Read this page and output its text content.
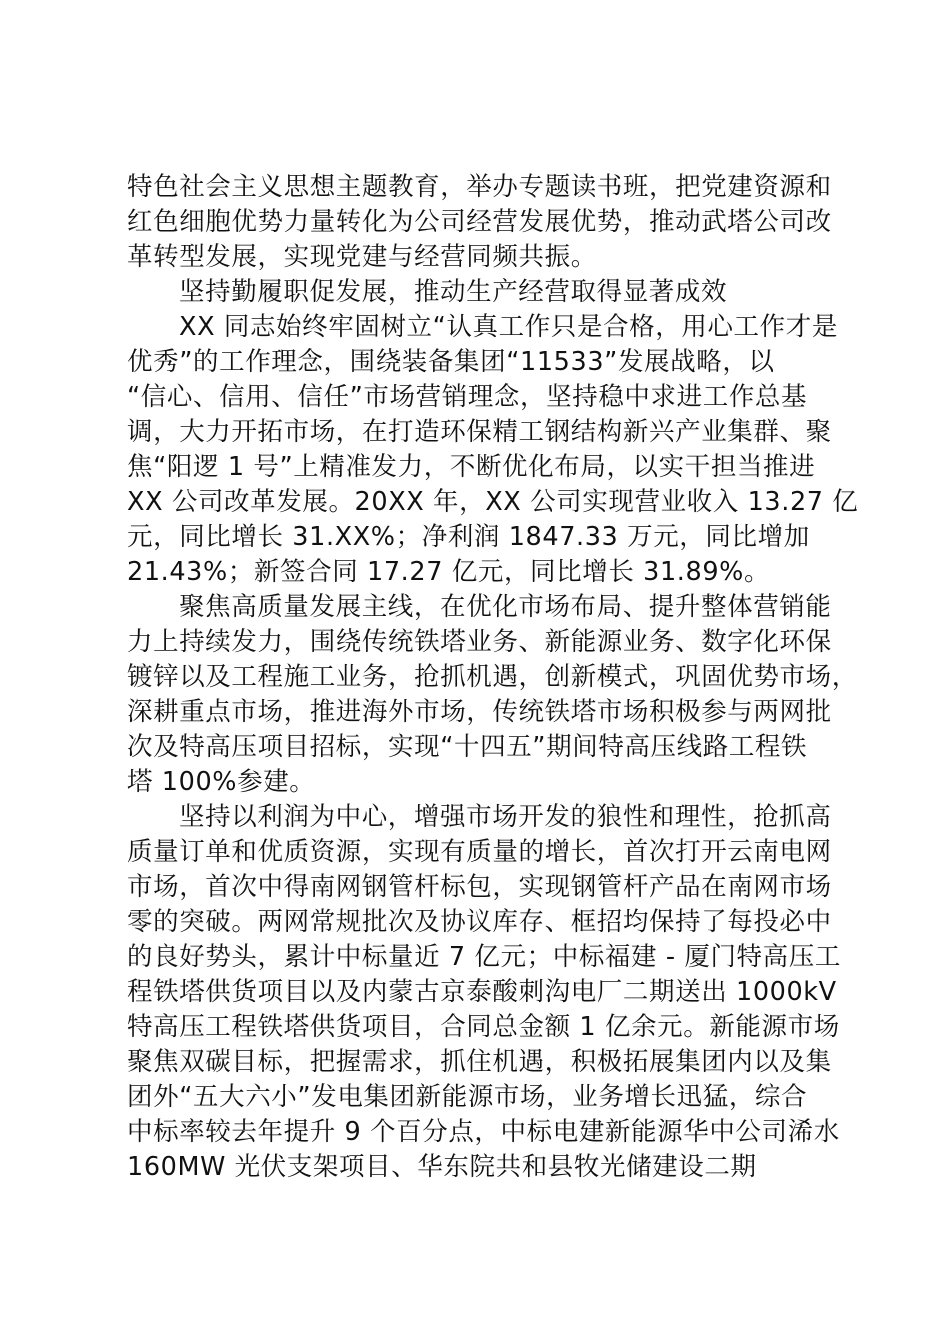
特色社会主义思想主题教育，举办专题读书班，把党建资源和
红色细胞优势力量转化为公司经营发展优势，推动武塔公司改
革转型发展，实现党建与经营同频共振。
坚持勤履职促发展，推动生产经营取得显著成效
XX 同志始终牢固树立“认真工作只是合格，用心工作才是
优秀”的工作理念，围绕装备集团“11533”发展战略，以
“信心、信用、信任”市场营销理念，坚持稳中求进工作总基
调，大力开拓市场，在打造环保精工钢结构新兴产业集群、聚
焦“阳逻 1 号”上精准发力，不断优化布局，以实干担当推进
XX 公司改革发展。20XX 年，XX 公司实现营业收入 13.27 亿
元，同比增长 31.XX%；净利润 1847.33 万元，同比增加
21.43%；新签合同 17.27 亿元，同比增长 31.89%。
聚焦高质量发展主线，在优化市场布局、提升整体营销能
力上持续发力，围绕传统铁塔业务、新能源业务、数字化环保
镀锌以及工程施工业务，抢抓机遇，创新模式，巩固优势市场，
深耕重点市场，推进海外市场，传统铁塔市场积极参与两网批
次及特高压项目招标，实现“十四五”期间特高压线路工程铁
塔 100%参建。
坚持以利润为中心，增强市场开发的狼性和理性，抢抓高
质量订单和优质资源，实现有质量的增长，首次打开云南电网
市场，首次中得南网钢管杆标包，实现钢管杆产品在南网市场
零的突破。两网常规批次及协议库存、框招均保持了每投必中
的良好势头，累计中标量近 7 亿元；中标福建 - 厦门特高压工
程铁塔供货项目以及内蒙古京泰酸刺沟电厂二期送出 1000kV
特高压工程铁塔供货项目，合同总金额 1 亿余元。新能源市场
聚焦双碳目标，把握需求，抓住机遇，积极拓展集团内以及集
团外“五大六小”发电集团新能源市场，业务增长迅猛，综合
中标率较去年提升 9 个百分点，中标电建新能源华中公司浠水
160MW 光伏支架项目、华东院共和县牧光储建设二期
